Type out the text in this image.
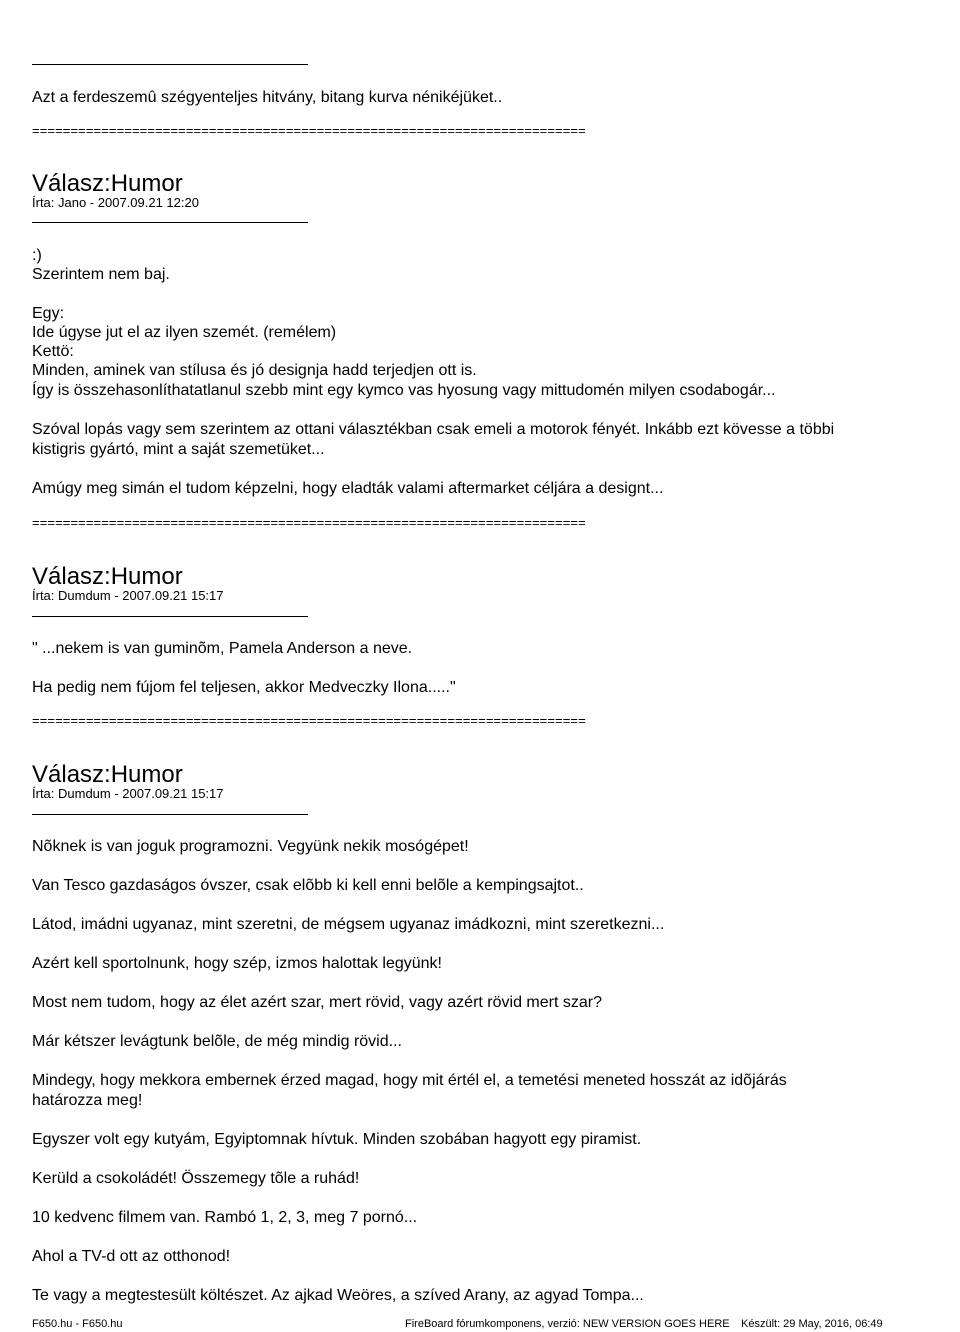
Azt a ferdeszemû szégyenteljes hitvány, bitang kurva nénikéjüket..
========================================================================
Válasz:Humor
Írta: Jano - 2007.09.21 12:20
:)
Szerintem nem baj.
Egy:
Ide úgyse jut el az ilyen szemét. (remélem)
Kettö:
Minden, aminek van stílusa és jó designja hadd terjedjen ott is.
Így is összehasonlíthatatlanul szebb mint egy kymco vas hyosung vagy mittudomén milyen csodabogár...
Szóval lopás vagy sem szerintem az ottani választékban csak emeli a motorok fényét. Inkább ezt kövesse a többi
kistigris gyártó, mint a saját szemetüket...
Amúgy meg simán el tudom képzelni, hogy eladták valami aftermarket céljára a designt...
========================================================================
Válasz:Humor
Írta: Dumdum - 2007.09.21 15:17
" ...nekem is van guminõm, Pamela Anderson a neve.
Ha pedig nem fújom fel teljesen, akkor Medveczky Ilona....."
========================================================================
Válasz:Humor
Írta: Dumdum - 2007.09.21 15:17
Nõknek is van joguk programozni. Vegyünk nekik mosógépet!
Van Tesco gazdaságos óvszer, csak elõbb ki kell enni belõle a kempingsajtot..
Látod, imádni ugyanaz, mint szeretni, de mégsem ugyanaz imádkozni, mint szeretkezni...
Azért kell sportolnunk, hogy szép, izmos halottak legyünk!
Most nem tudom, hogy az élet azért szar, mert rövid, vagy azért rövid mert szar?
Már kétszer levágtunk belõle, de még mindig rövid...
Mindegy, hogy mekkora embernek érzed magad, hogy mit értél el, a temetési meneted hosszát az idõjárás
határozza meg!
Egyszer volt egy kutyám, Egyiptomnak hívtuk. Minden szobában hagyott egy piramist.
Kerüld a csokoládét! Összemegy tõle a ruhád!
10 kedvenc filmem van. Rambó 1, 2, 3, meg 7 pornó...
Ahol a TV-d ott az otthonod!
Te vagy a megtestesült költészet. Az ajkad Weöres, a szíved Arany, az agyad Tompa...
F650.hu - F650.hu	FireBoard fórumkomponens, verzió: NEW VERSION GOES HERE Készült: 29 May, 2016, 06:49
